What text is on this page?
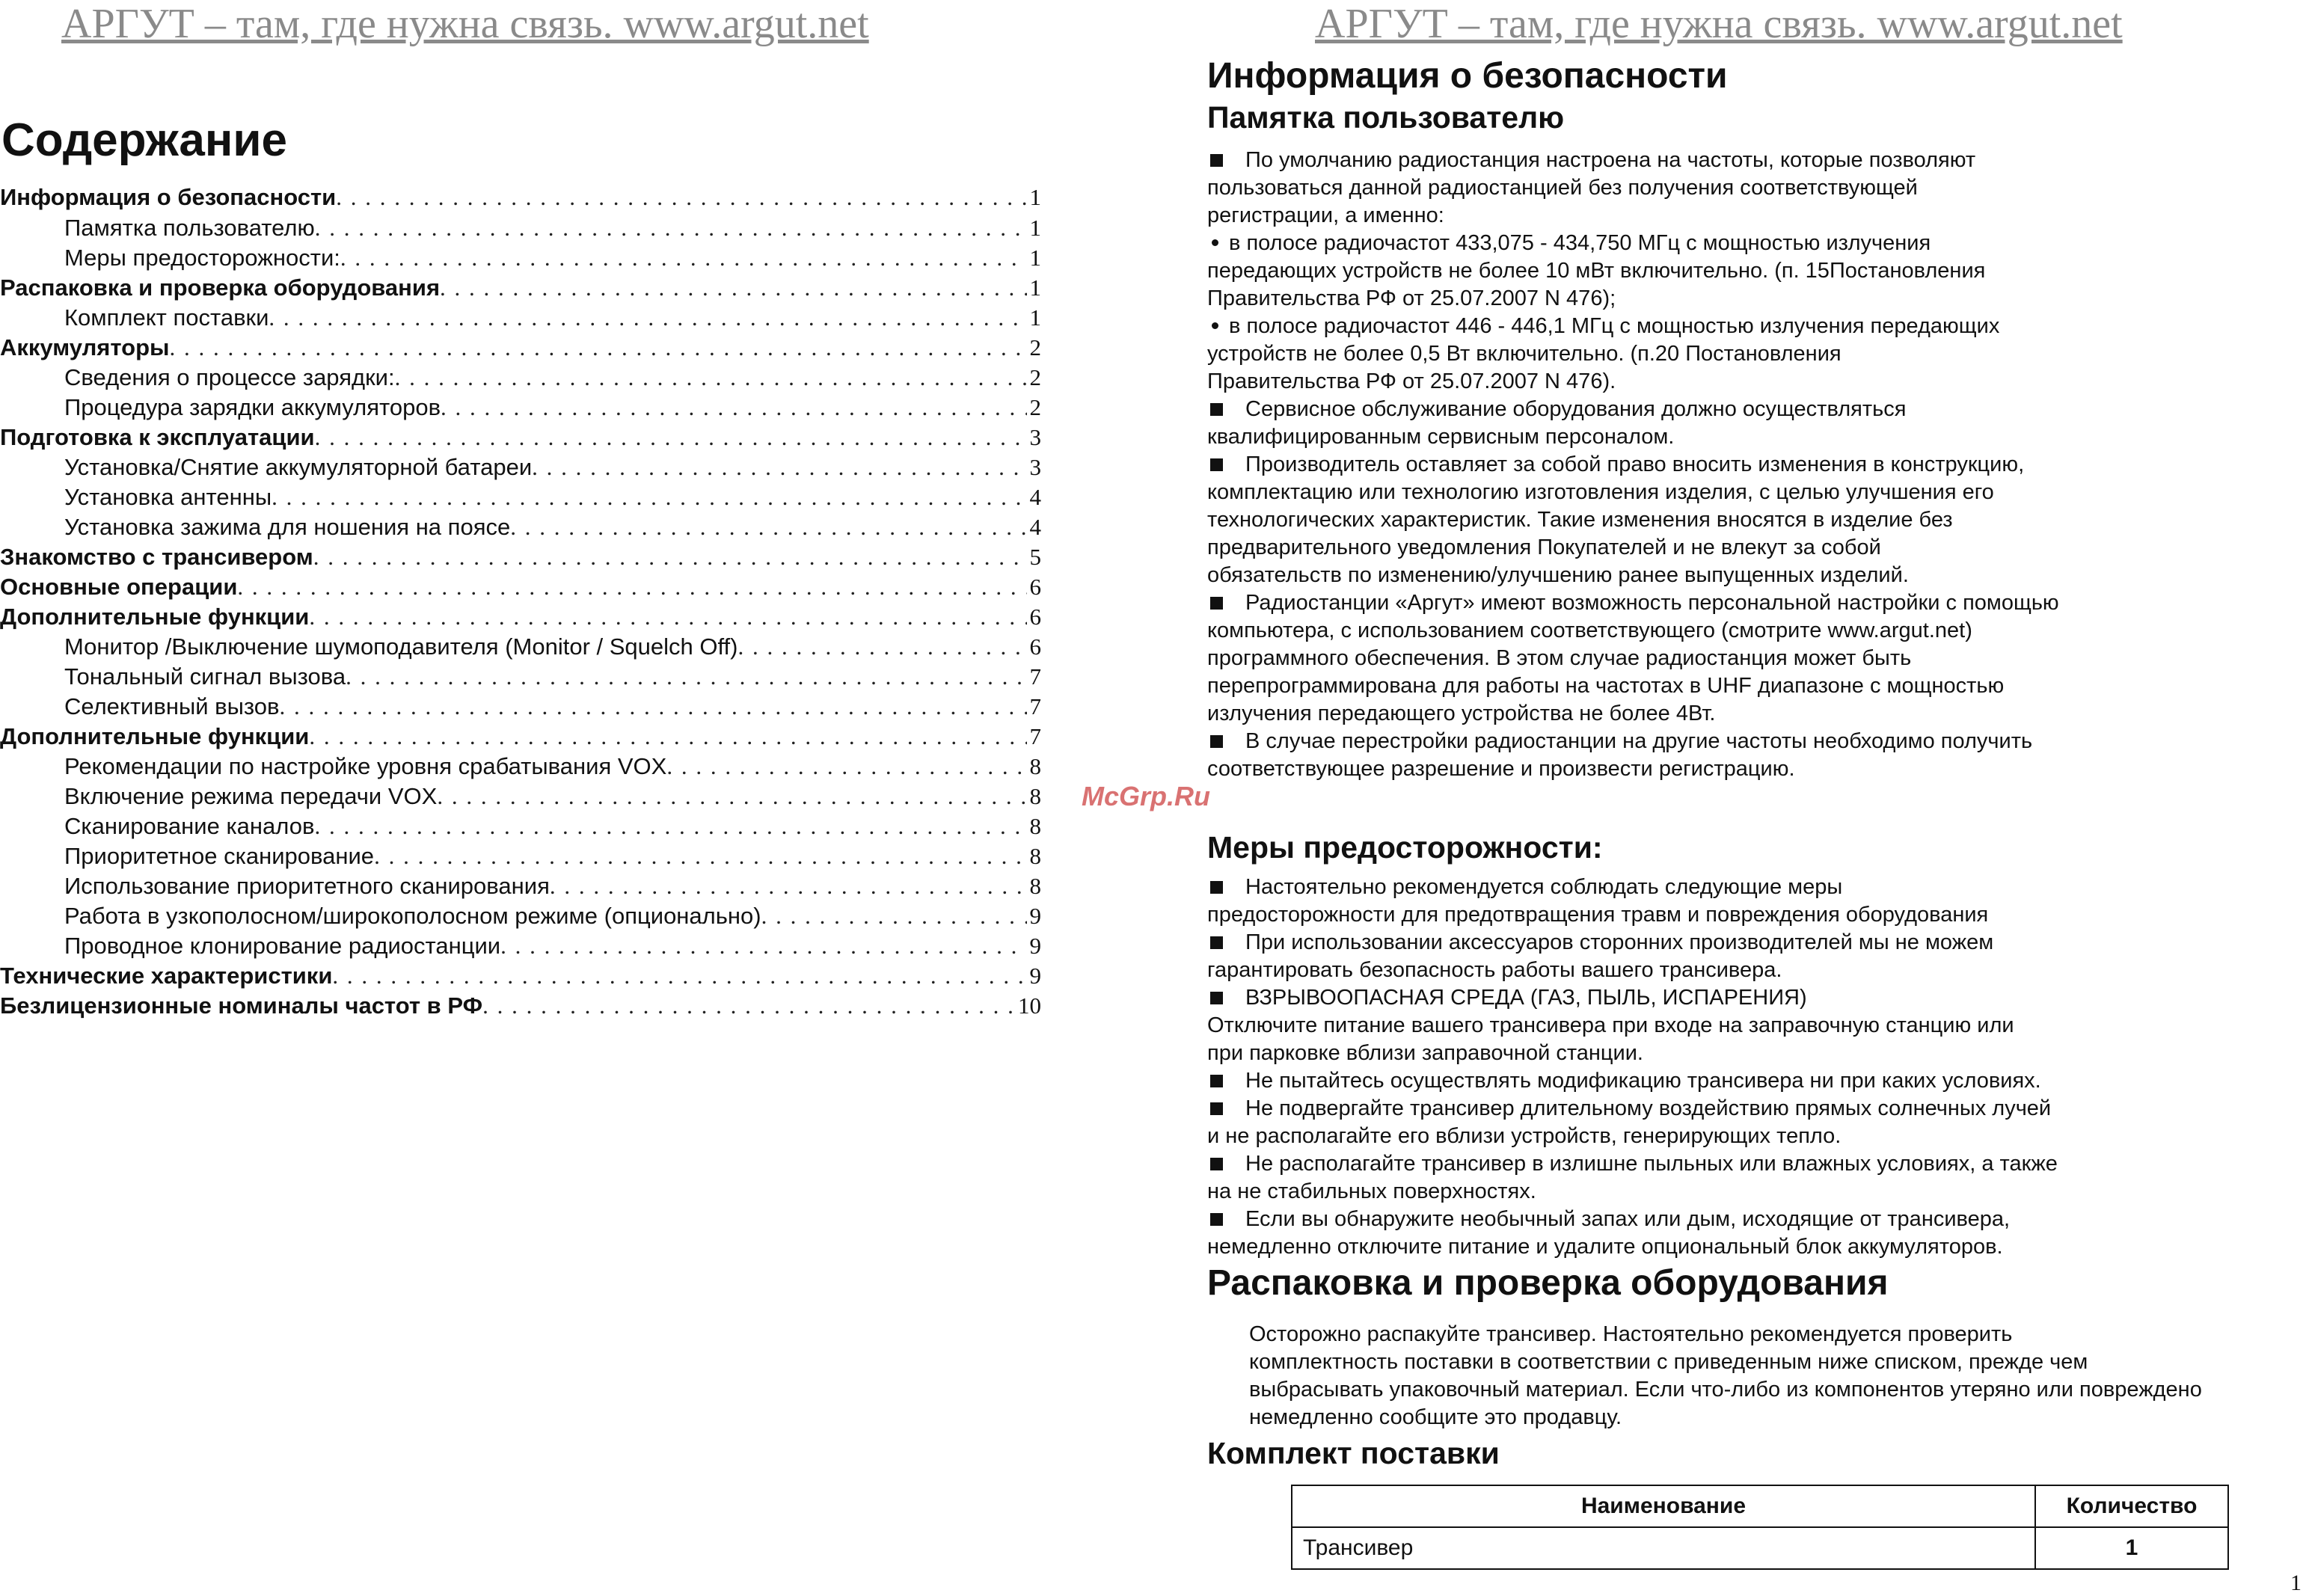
АРГУТ – там, где нужна связь. www.argut.net	АРГУТ – там, где нужна связь. www.argut.net
Содержание
Информация о безопасности . . .	1
Памятка пользователю . . .	1
Меры предосторожности: . . .	1
Распаковка и проверка оборудования . . .	1
Комплект поставки . . .	1
Аккумуляторы . . .	2
Сведения о процессе зарядки: . . .	2
Процедура зарядки аккумуляторов . . .	2
Подготовка к эксплуатации . . .	3
Установка/Снятие аккумуляторной батареи . . .	3
Установка антенны . . .	4
Установка зажима для ношения на поясе . . .	4
Знакомство с трансивером . . .	5
Основные операции . . .	6
Дополнительные функции . . .	6
Монитор /Выключение шумоподавителя (Monitor / Squelch Off) . . .	6
Тональный сигнал вызова . . .	7
Селективный вызов . . .	7
Дополнительные функции . . .	7
Рекомендации по настройке уровня срабатывания VOX . . .	8
Включение режима передачи VOX . . .	8
Сканирование каналов . . .	8
Приоритетное сканирование . . .	8
Использование приоритетного сканирования . . .	8
Работа в узкополосном/широкополосном режиме (опционально) . . .	9
Проводное клонирование радиостанции . . .	9
Технические характеристики . . .	9
Безлицензионные номиналы частот в РФ . . .	10
McGrp.Ru
Информация о безопасности
Памятка пользователю

По умолчанию радиостанция настроена на частоты, которые позволяют

пользоваться данной радиостанцией без получения соответствующей

регистрации, а именно:

в полосе радиочастот 433,075 - 434,750 МГц с мощностью излучения

передающих устройств не более 10 мВт включительно. (п. 15Постановления

Правительства РФ от 25.07.2007 N 476);

в полосе радиочастот 446 - 446,1 МГц с мощностью излучения передающих

устройств не более 0,5 Вт включительно. (п.20 Постановления

Правительства РФ от 25.07.2007 N 476).

Сервисное обслуживание оборудования должно осуществляться

квалифицированным сервисным персоналом.

Производитель оставляет за собой право вносить изменения в конструкцию,

комплектацию или технологию изготовления изделия, с целью улучшения его

технологических характеристик. Такие изменения вносятся в изделие без

предварительного уведомления Покупателей и не влекут за собой

обязательств по изменению/улучшению ранее выпущенных изделий.

Радиостанции «Аргут» имеют возможность персональной настройки с помощью

компьютера, с использованием соответствующего (смотрите www.argut.net)

программного обеспечения. В этом случае радиостанция может быть

перепрограммирована для работы на частотах в UHF диапазоне с мощностью

излучения передающего устройства не более 4Вт.

В случае перестройки радиостанции на другие частоты необходимо получить

соответствующее разрешение и произвести регистрацию.

Меры предосторожности:

Настоятельно рекомендуется соблюдать следующие меры

предосторожности для предотвращения травм и повреждения оборудования

При использовании аксессуаров сторонних производителей мы не можем

гарантировать безопасность работы вашего трансивера.

ВЗРЫВООПАСНАЯ СРЕДА (ГАЗ, ПЫЛЬ, ИСПАРЕНИЯ)

Отключите питание вашего трансивера при входе на заправочную станцию или

при парковке вблизи заправочной станции.

Не пытайтесь осуществлять модификацию трансивера ни при каких условиях.

Не подвергайте трансивер длительному воздействию прямых солнечных лучей

и не располагайте его вблизи устройств, генерирующих тепло.

Не располагайте трансивер в излишне пыльных или влажных условиях, а также

на не стабильных поверхностях.

Если вы обнаружите необычный запах или дым, исходящие от трансивера,

немедленно отключите питание и удалите опциональный блок аккумуляторов.

Распаковка и проверка оборудования

Осторожно распакуйте трансивер. Настоятельно рекомендуется проверить

комплектность поставки в соответствии с приведенным ниже списком, прежде чем

выбрасывать упаковочный материал. Если что-либо из компонентов утеряно или повреждено

немедленно сообщите это продавцу.

Комплект поставки
Наименование	Количество
Трансивер	1
1
